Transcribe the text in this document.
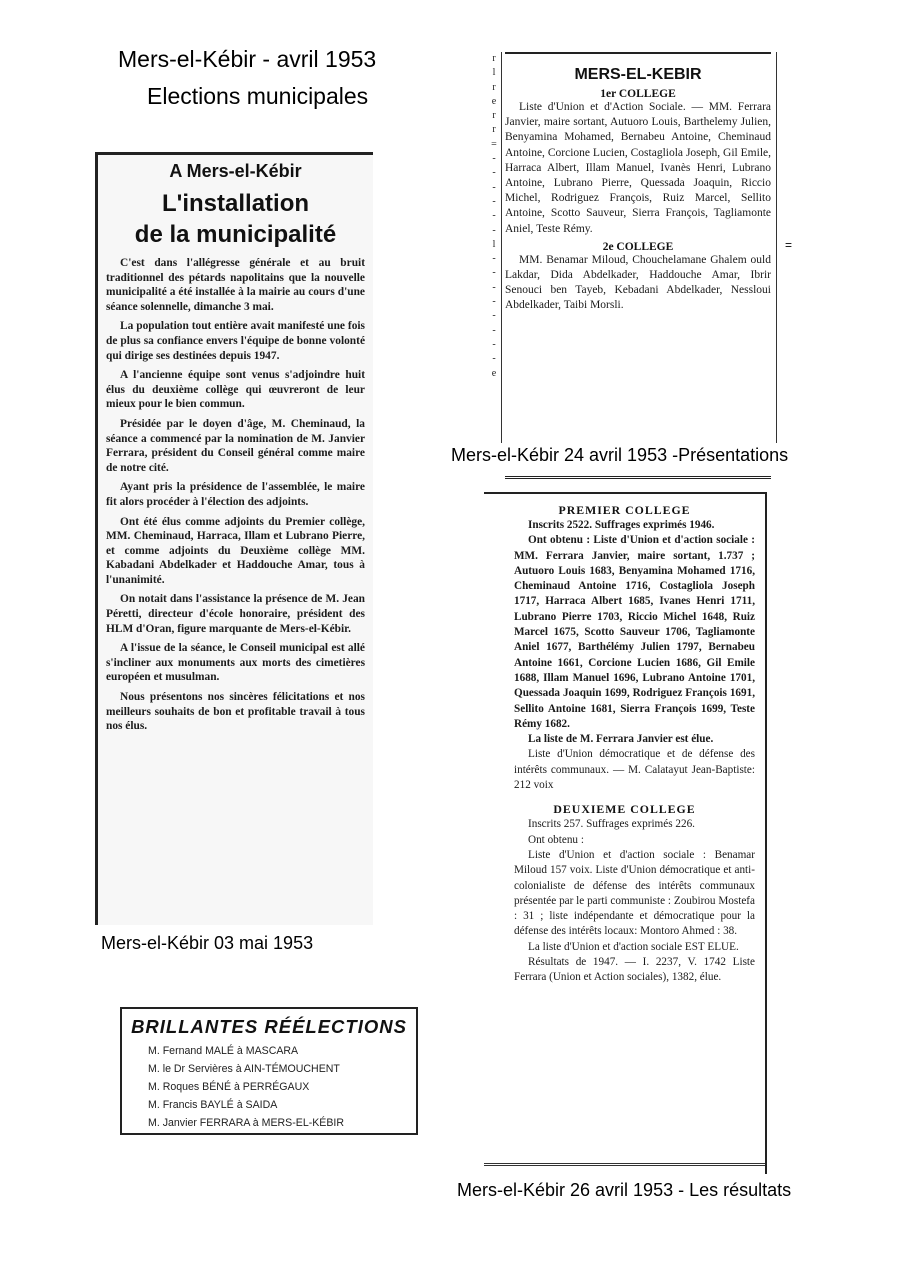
Mers-el-Kébir - avril 1953
Elections municipales
A Mers-el-Kébir
L'installation
de la municipalité

C'est dans l'allégresse générale et au bruit traditionnel des pétards napolitains que la nouvelle municipalité a été installée à la mairie au cours d'une séance solennelle, dimanche 3 mai.

La population tout entière avait manifesté une fois de plus sa confiance envers l'équipe de bonne volonté qui dirige ses destinées depuis 1947.

A l'ancienne équipe sont venus s'adjoindre huit élus du deuxième collège qui œuvreront de leur mieux pour le bien commun.

Présidée par le doyen d'âge, M. Cheminaud, la séance a commencé par la nomination de M. Janvier Ferrara, président du Conseil général comme maire de notre cité.

Ayant pris la présidence de l'assemblée, le maire fit alors procéder à l'élection des adjoints.

Ont été élus comme adjoints du Premier collège, MM. Cheminaud, Harraca, Illam et Lubrano Pierre, et comme adjoints du Deuxième collège MM. Kabadani Abdelkader et Haddouche Amar, tous à l'unanimité.

On notait dans l'assistance la présence de M. Jean Péretti, directeur d'école honoraire, président des HLM d'Oran, figure marquante de Mers-el-Kébir.

A l'issue de la séance, le Conseil municipal est allé s'incliner aux monuments aux morts des cimetières européen et musulman.

Nous présentons nos sincères félicitations et nos meilleurs souhaits de bon et profitable travail à tous nos élus.

Mers-el-Kébir 03 mai 1953
r
l
r
e
r
r
=
-
-
-
-
-
-
l
-
-
-
-
-
-
-
-
e
MERS-EL-KEBIR
1er COLLEGE

Liste d'Union et d'Action Sociale. — MM. Ferrara Janvier, maire sortant, Autuoro Louis, Barthelemy Julien, Benyamina Mohamed, Bernabeu Antoine, Cheminaud Antoine, Corcione Lucien, Costagliola Joseph, Gil Emile, Harraca Albert, Illam Manuel, Ivanès Henri, Lubrano Antoine, Lubrano Pierre, Quessada Joaquin, Riccio Michel, Rodriguez François, Ruiz Marcel, Sellito Antoine, Scotto Sauveur, Sierra François, Tagliamonte Aniel, Teste Rémy.

2e COLLEGE

MM. Benamar Miloud, Chouchelamane Ghalem ould Lakdar, Dida Abdelkader, Haddouche Amar, Ibrir Senouci ben Tayeb, Kebadani Abdelkader, Nessloui Abdelkader, Taibi Morsli.

=
Mers-el-Kébir 24 avril 1953 -Présentations
PREMIER COLLEGE

Inscrits 2522. Suffrages exprimés 1946.

Ont obtenu : Liste d'Union et d'action sociale : MM. Ferrara Janvier, maire sortant, 1.737 ; Autuoro Louis 1683, Benyamina Mohamed 1716, Cheminaud Antoine 1716, Costagliola Joseph 1717, Harraca Albert 1685, Ivanes Henri 1711, Lubrano Pierre 1703, Riccio Michel 1648, Ruiz Marcel 1675, Scotto Sauveur 1706, Tagliamonte Aniel 1677, Barthélémy Julien 1797, Bernabeu Antoine 1661, Corcione Lucien 1686, Gil Emile 1688, Illam Manuel 1696, Lubrano Antoine 1701, Quessada Joaquin 1699, Rodriguez François 1691, Sellito Antoine 1681, Sierra François 1699, Teste Rémy 1682.

La liste de M. Ferrara Janvier est élue.

Liste d'Union démocratique et de défense des intérêts communaux. — M. Calatayut Jean-Baptiste: 212 voix

DEUXIEME COLLEGE

Inscrits 257. Suffrages exprimés 226.

Ont obtenu :

Liste d'Union et d'action sociale : Benamar Miloud 157 voix. Liste d'Union démocratique et anti-colonialiste de défense des intérêts communaux présentée par le parti communiste : Zoubirou Mostefa : 31 ; liste indépendante et démocratique pour la défense des intérêts locaux: Montoro Ahmed : 38.

La liste d'Union et d'action sociale EST ELUE.

Résultats de 1947. — I. 2237, V. 1742 Liste Ferrara (Union et Action sociales), 1382, élue.

Mers-el-Kébir 26 avril 1953 - Les résultats
BRILLANTES RÉÉLECTIONS
M. Fernand MALÉ à MASCARA
M. le Dr Servières à AIN-TÉMOUCHENT
M. Roques BÉNÉ à PERRÉGAUX
M. Francis BAYLÉ à SAIDA
M. Janvier FERRARA à MERS-EL-KÉBIR
